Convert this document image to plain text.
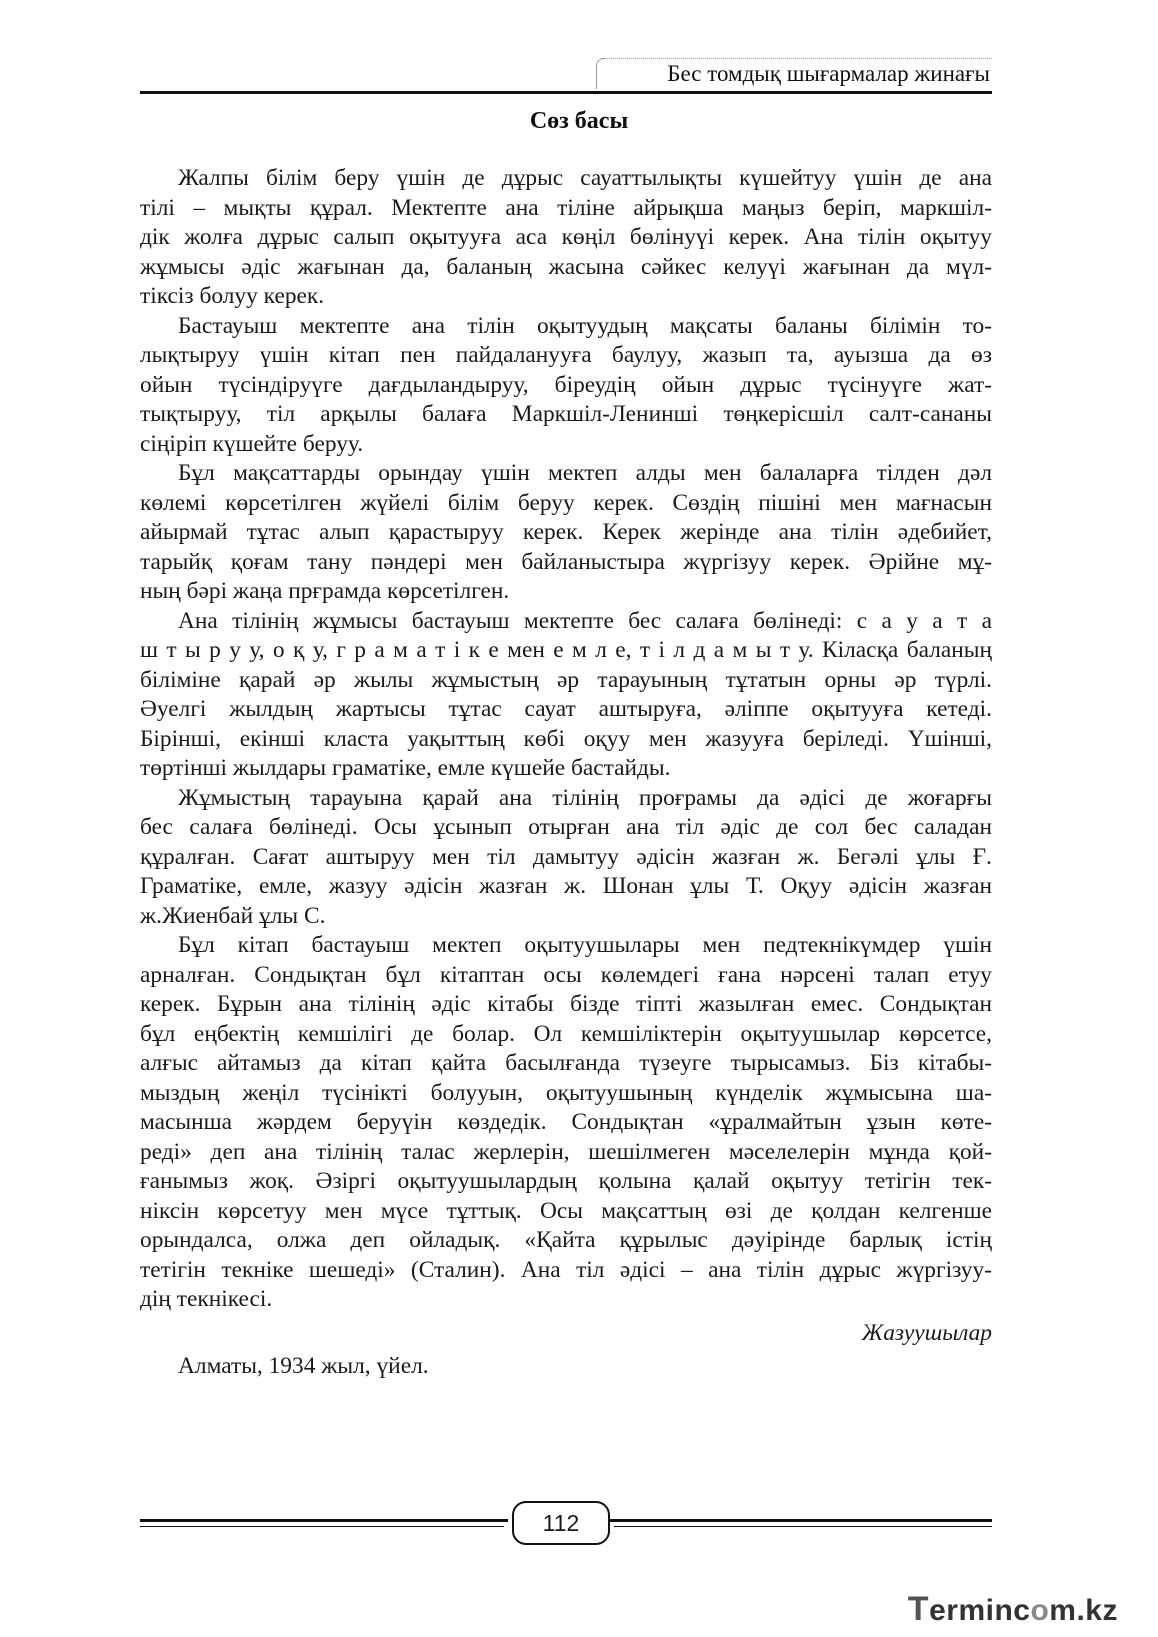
Бес томдық шығармалар жинағы
Сөз басы

Жалпы білім беру үшін де дұрыс сауаттылықты күшейтуу үшін де ана
тілі – мықты құрал. Мектепте ана тіліне айрықша маңыз беріп, маркшіл-
дік жолға дұрыс салып оқытууға аса көңіл бөлінуүі керек. Ана тілін оқытуу
жұмысы әдіс жағынан да, баланың жасына сәйкес келуүі жағынан да мүл-
тіксіз болуу керек.

Бастауыш мектепте ана тілін оқытуудың мақсаты баланы білімін то-
лықтыруу үшін кітап пен пайдаланууға баулуу, жазып та, ауызша да өз
ойын түсіндіруүге дағдыландыруу, біреудің ойын дұрыс түсінуүге жат-
тықтыруу, тіл арқылы балаға Маркшіл-Ленинші төңкерісшіл салт-сананы
сіңіріп күшейте беруу.

Бұл мақсаттарды орындау үшін мектеп алды мен балаларға тілден дәл
көлемі көрсетілген жүйелі білім беруу керек. Сөздің пішіні мен мағнасын
айырмай тұтас алып қарастыруу керек. Керек жерінде ана тілін әдебийет,
тарыйқ қоғам тану пәндері мен байланыстыра жүргізуу керек. Әрійне мұ-
ның бәрі жаңа прғрамда көрсетілген.

Ана тілінің жұмысы бастауыш мектепте бес салаға бөлінеді: с а у а т а
ш т ы р у у, о қ у, г р а м а т і к е мен е м л е, т і л д а м ы т у. Кіласқа баланың
біліміне қарай әр жылы жұмыстың әр тарауының тұтатын орны әр түрлі.
Әуелгі жылдың жартысы тұтас сауат аштыруға, әліппе оқытууға кетеді.
Бірінші, екінші класта уақыттың көбі оқуу мен жазууға беріледі. Үшінші,
төртінші жылдары граматіке, емле күшейе бастайды.

Жұмыстың тарауына қарай ана тілінің проғрамы да әдісі де жоғарғы
бес салаға бөлінеді. Осы ұсынып отырған ана тіл әдіс де сол бес саладан
құралған. Сағат аштыруу мен тіл дамытуу әдісін жазған ж. Бегәлі ұлы Ғ.
Граматіке, емле, жазуу әдісін жазған ж. Шонан ұлы Т. Оқуу әдісін жазған
ж.Жиенбай ұлы С.

Бұл кітап бастауыш мектеп оқытуушылары мен педтекнікүмдер үшін
арналған. Сондықтан бұл кітаптан осы көлемдегі ғана нәрсені талап етуу
керек. Бұрын ана тілінің әдіс кітабы бізде тіпті жазылған емес. Сондықтан
бұл еңбектің кемшілігі де болар. Ол кемшіліктерін оқытуушылар көрсетсе,
алғыс айтамыз да кітап қайта басылғанда түзеуге тырысамыз. Біз кітабы-
мыздың жеңіл түсінікті болууын, оқытуушының күнделік жұмысына ша-
масынша жәрдем беруүін көздедік. Сондықтан «ұралмайтын ұзын көте-
реді» деп ана тілінің талас жерлерін, шешілмеген мәселелерін мұнда қой-
ғанымыз жоқ. Әзіргі оқытуушылардың қолына қалай оқытуу тетігін тек-
ніксін көрсетуу мен мүсе тұттық. Осы мақсаттың өзі де қолдан келгенше
орындалса, олжа деп ойладық. «Қайта құрылыс дәуірінде барлық істің
тетігін текніке шешеді» (Сталин). Ана тіл әдісі – ана тілін дұрыс жүргізуу-
дің текнікесі.

Жазуушылар
Алматы, 1934 жыл, үйел.
112
Termincom.kz
